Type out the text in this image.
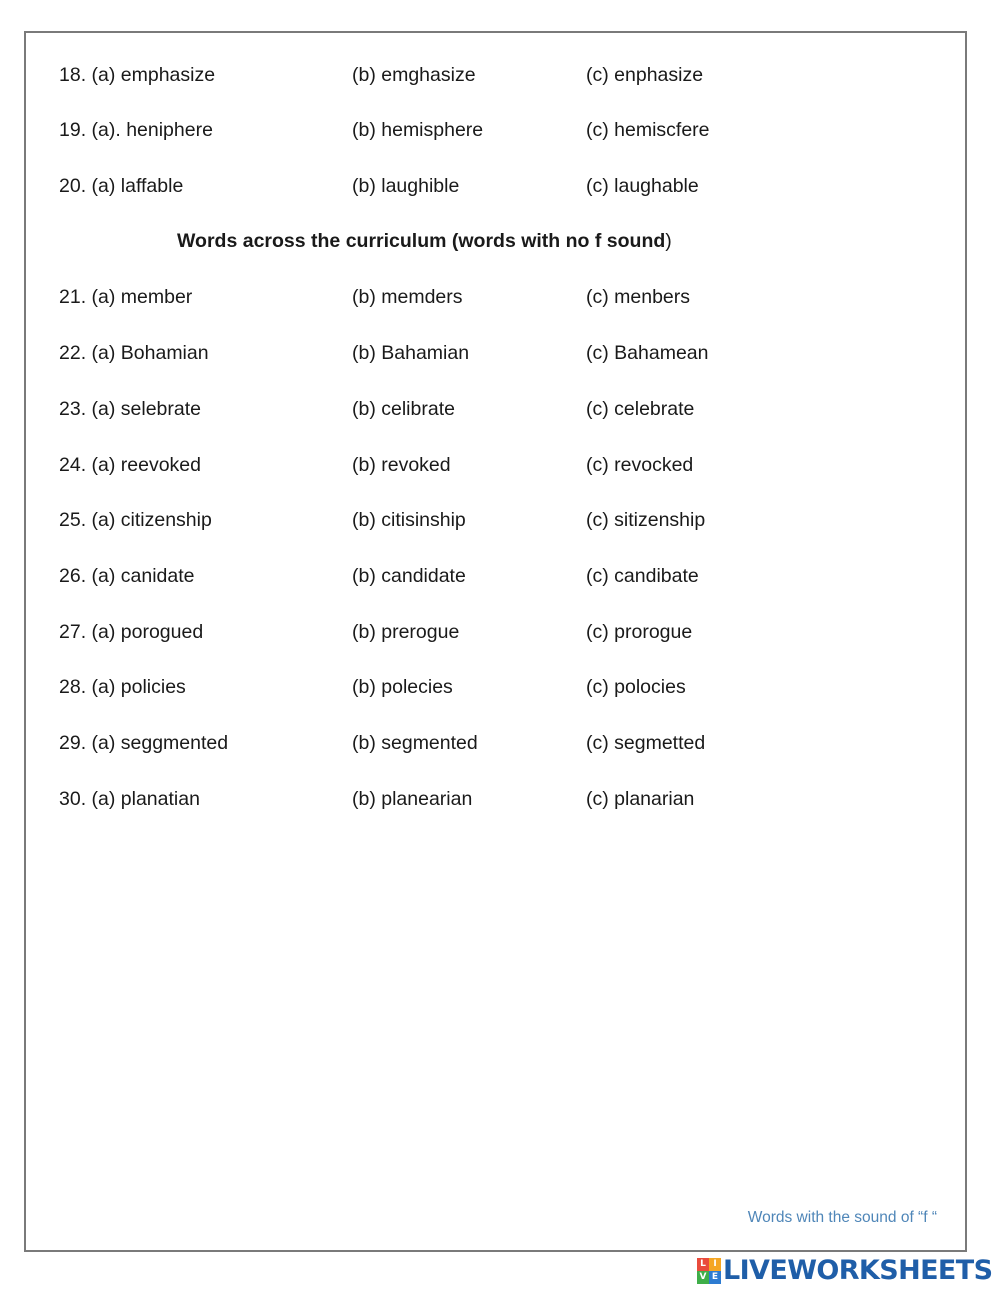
18. (a) emphasize	(b) emghasize	(c) enphasize
19. (a). heniphere	(b) hemisphere	(c) hemiscfere
20. (a) laffable	(b) laughible	(c) laughable
Words across the curriculum (words with no f sound)
21. (a) member	(b) memders	(c) menbers
22. (a) Bohamian	(b) Bahamian	(c) Bahamean
23. (a) selebrate	(b) celibrate	(c) celebrate
24. (a) reevoked	(b) revoked	(c) revocked
25. (a) citizenship	(b) citisinship	(c) sitizenship
26. (a) canidate	(b) candidate	(c) candibate
27. (a) porogued	(b) prerogue	(c) prorogue
28. (a) policies	(b) polecies	(c) polocies
29. (a) seggmented	(b) segmented	(c) segmetted
30. (a) planatian	(b) planearian	(c) planarian
Words with the sound of “f “
L I
V E LIVEWORKSHEETS
